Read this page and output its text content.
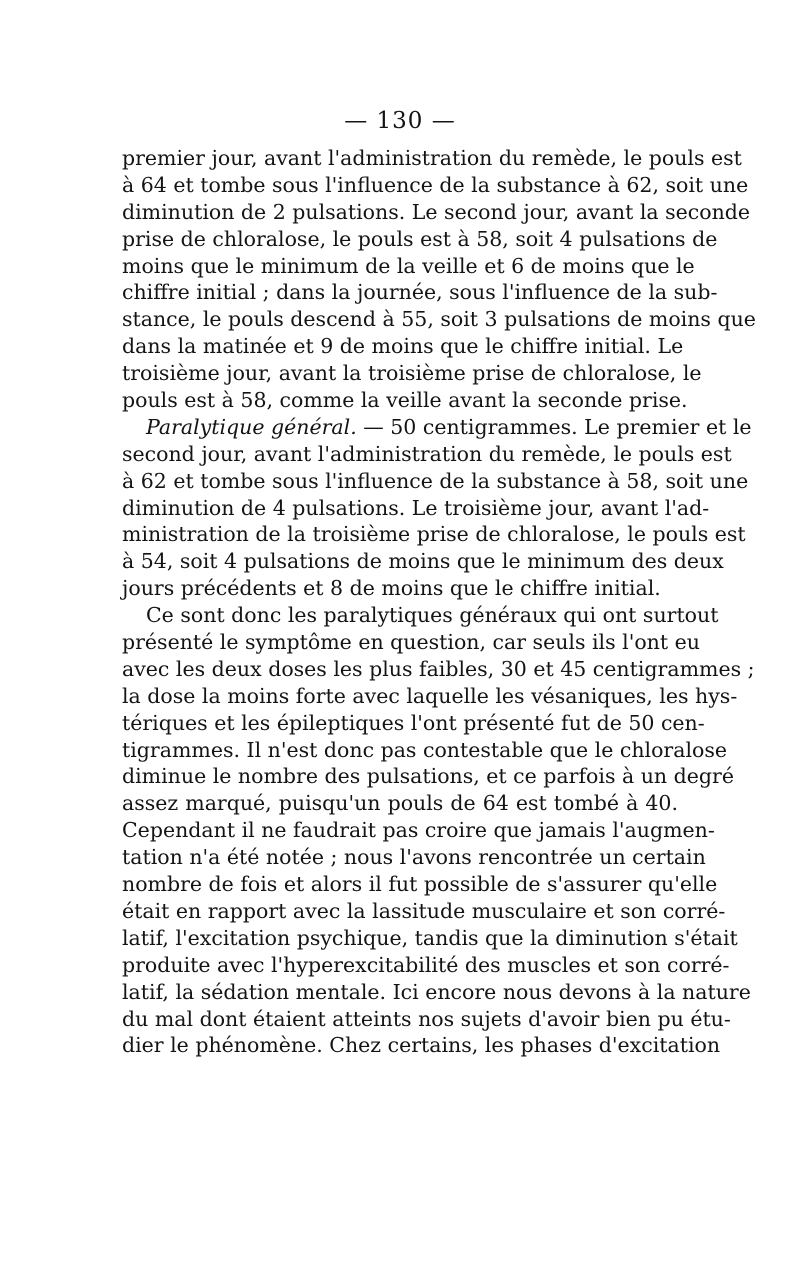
— 130 —
premier jour, avant l'administration du remède, le pouls est
à 64 et tombe sous l'influence de la substance à 62, soit une
diminution de 2 pulsations. Le second jour, avant la seconde
prise de chloralose, le pouls est à 58, soit 4 pulsations de
moins que le minimum de la veille et 6 de moins que le
chiffre initial ; dans la journée, sous l'influence de la sub-
stance, le pouls descend à 55, soit 3 pulsations de moins que
dans la matinée et 9 de moins que le chiffre initial. Le
troisième jour, avant la troisième prise de chloralose, le
pouls est à 58, comme la veille avant la seconde prise.
Paralytique général. — 50 centigrammes. Le premier et le
second jour, avant l'administration du remède, le pouls est
à 62 et tombe sous l'influence de la substance à 58, soit une
diminution de 4 pulsations. Le troisième jour, avant l'ad-
ministration de la troisième prise de chloralose, le pouls est
à 54, soit 4 pulsations de moins que le minimum des deux
jours précédents et 8 de moins que le chiffre initial.
Ce sont donc les paralytiques généraux qui ont surtout
présenté le symptôme en question, car seuls ils l'ont eu
avec les deux doses les plus faibles, 30 et 45 centigrammes ;
la dose la moins forte avec laquelle les vésaniques, les hys-
tériques et les épileptiques l'ont présenté fut de 50 cen-
tigrammes. Il n'est donc pas contestable que le chloralose
diminue le nombre des pulsations, et ce parfois à un degré
assez marqué, puisqu'un pouls de 64 est tombé à 40.
Cependant il ne faudrait pas croire que jamais l'augmen-
tation n'a été notée ; nous l'avons rencontrée un certain
nombre de fois et alors il fut possible de s'assurer qu'elle
était en rapport avec la lassitude musculaire et son corré-
latif, l'excitation psychique, tandis que la diminution s'était
produite avec l'hyperexcitabilité des muscles et son corré-
latif, la sédation mentale. Ici encore nous devons à la nature
du mal dont étaient atteints nos sujets d'avoir bien pu étu-
dier le phénomène. Chez certains, les phases d'excitation
